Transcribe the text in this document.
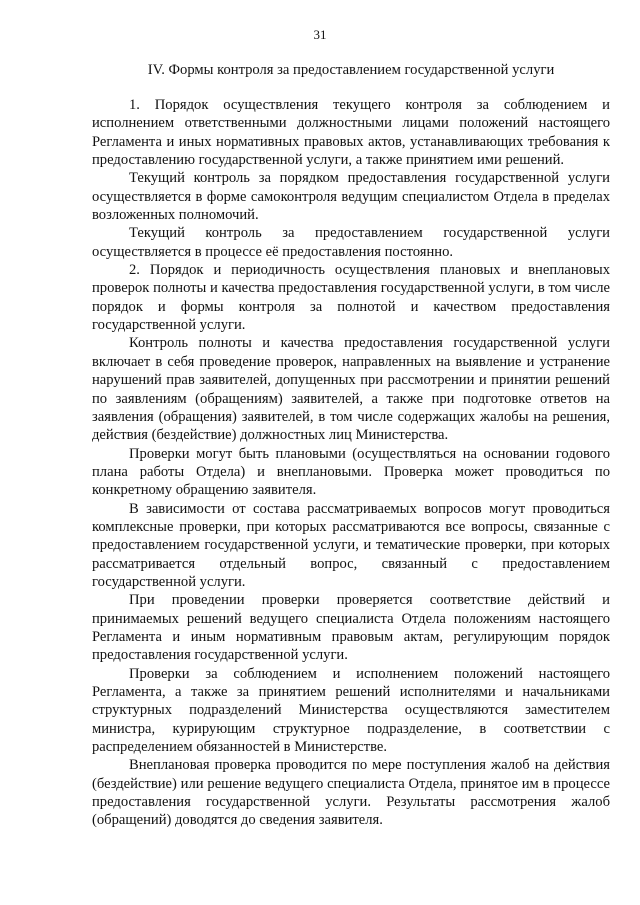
31
IV. Формы контроля за предоставлением государственной услуги

1. Порядок осуществления текущего контроля за соблюдением и исполнением ответственными должностными лицами положений настоящего Регламента и иных нормативных правовых актов, устанавливающих требования к предоставлению государственной услуги, а также принятием ими решений.

Текущий контроль за порядком предоставления государственной услуги осуществляется в форме самоконтроля ведущим специалистом Отдела в пределах возложенных полномочий.

Текущий контроль за предоставлением государственной услуги осуществляется в процессе её предоставления постоянно.

2. Порядок и периодичность осуществления плановых и внеплановых проверок полноты и качества предоставления государственной услуги, в том числе порядок и формы контроля за полнотой и качеством предоставления государственной услуги.

Контроль полноты и качества предоставления государственной услуги включает в себя проведение проверок, направленных на выявление и устранение нарушений прав заявителей, допущенных при рассмотрении и принятии решений по заявлениям (обращениям) заявителей, а также при подготовке ответов на заявления (обращения) заявителей, в том числе содержащих жалобы на решения, действия (бездействие) должностных лиц Министерства.

Проверки могут быть плановыми (осуществляться на основании годового плана работы Отдела) и внеплановыми. Проверка может проводиться по конкретному обращению заявителя.

В зависимости от состава рассматриваемых вопросов могут проводиться комплексные проверки, при которых рассматриваются все вопросы, связанные с предоставлением государственной услуги, и тематические проверки, при которых рассматривается отдельный вопрос, связанный с предоставлением государственной услуги.

При проведении проверки проверяется соответствие действий и принимаемых решений ведущего специалиста Отдела положениям настоящего Регламента и иным нормативным правовым актам, регулирующим порядок предоставления государственной услуги.

Проверки за соблюдением и исполнением положений настоящего Регламента, а также за принятием решений исполнителями и начальниками структурных подразделений Министерства осуществляются заместителем министра, курирующим структурное подразделение, в соответствии с распределением обязанностей в Министерстве.

Внеплановая проверка проводится по мере поступления жалоб на действия (бездействие) или решение ведущего специалиста Отдела, принятое им в процессе предоставления государственной услуги. Результаты рассмотрения жалоб (обращений) доводятся до сведения заявителя.
